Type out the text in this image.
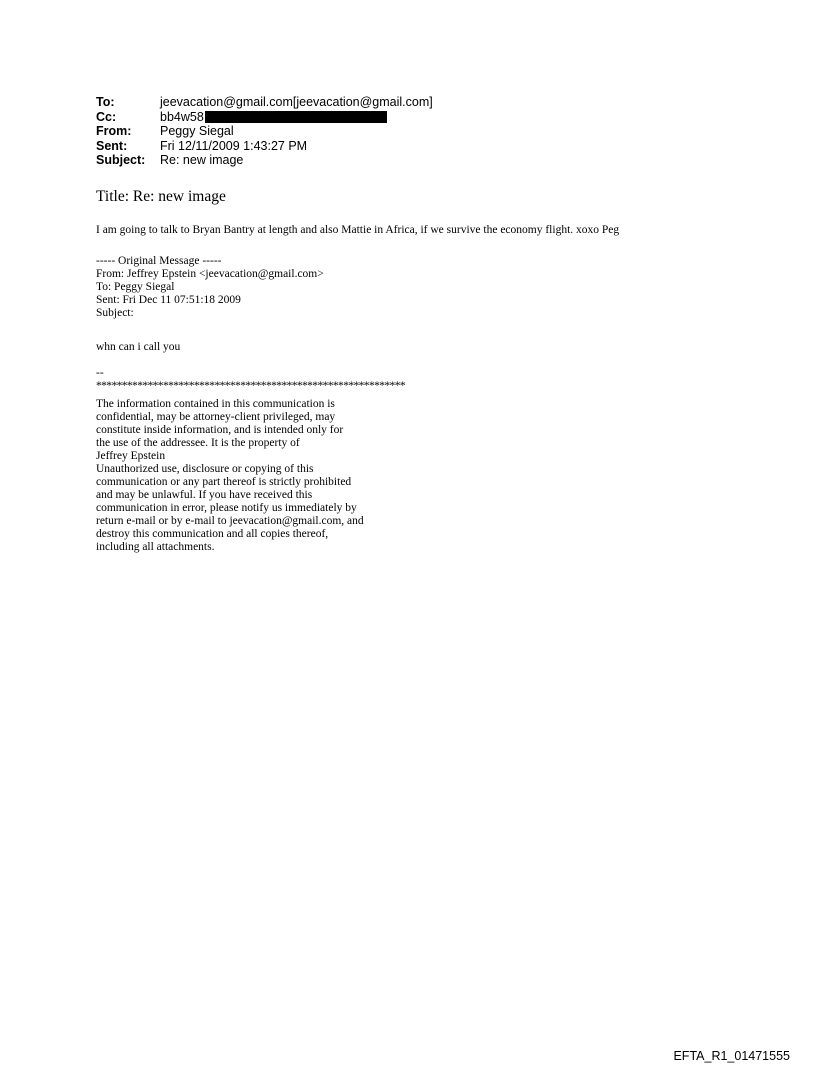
To:	jeevacation@gmail.com[jeevacation@gmail.com]
Cc:	bb4w58
From:	Peggy Siegal
Sent:	Fri 12/11/2009 1:43:27 PM
Subject:	Re: new image
Title: Re: new image
I am going to talk to Bryan Bantry at length and also Mattie in Africa, if we survive the economy flight. xoxo Peg
----- Original Message -----
From: Jeffrey Epstein <jeevacation@gmail.com>
To: Peggy Siegal
Sent: Fri Dec 11 07:51:18 2009
Subject:
whn can i call you
--
************************************************************
The information contained in this communication is
confidential, may be attorney-client privileged, may
constitute inside information, and is intended only for
the use of the addressee. It is the property of
Jeffrey Epstein
Unauthorized use, disclosure or copying of this
communication or any part thereof is strictly prohibited
and may be unlawful. If you have received this
communication in error, please notify us immediately by
return e-mail or by e-mail to jeevacation@gmail.com, and
destroy this communication and all copies thereof,
including all attachments.
EFTA_R1_01471555
